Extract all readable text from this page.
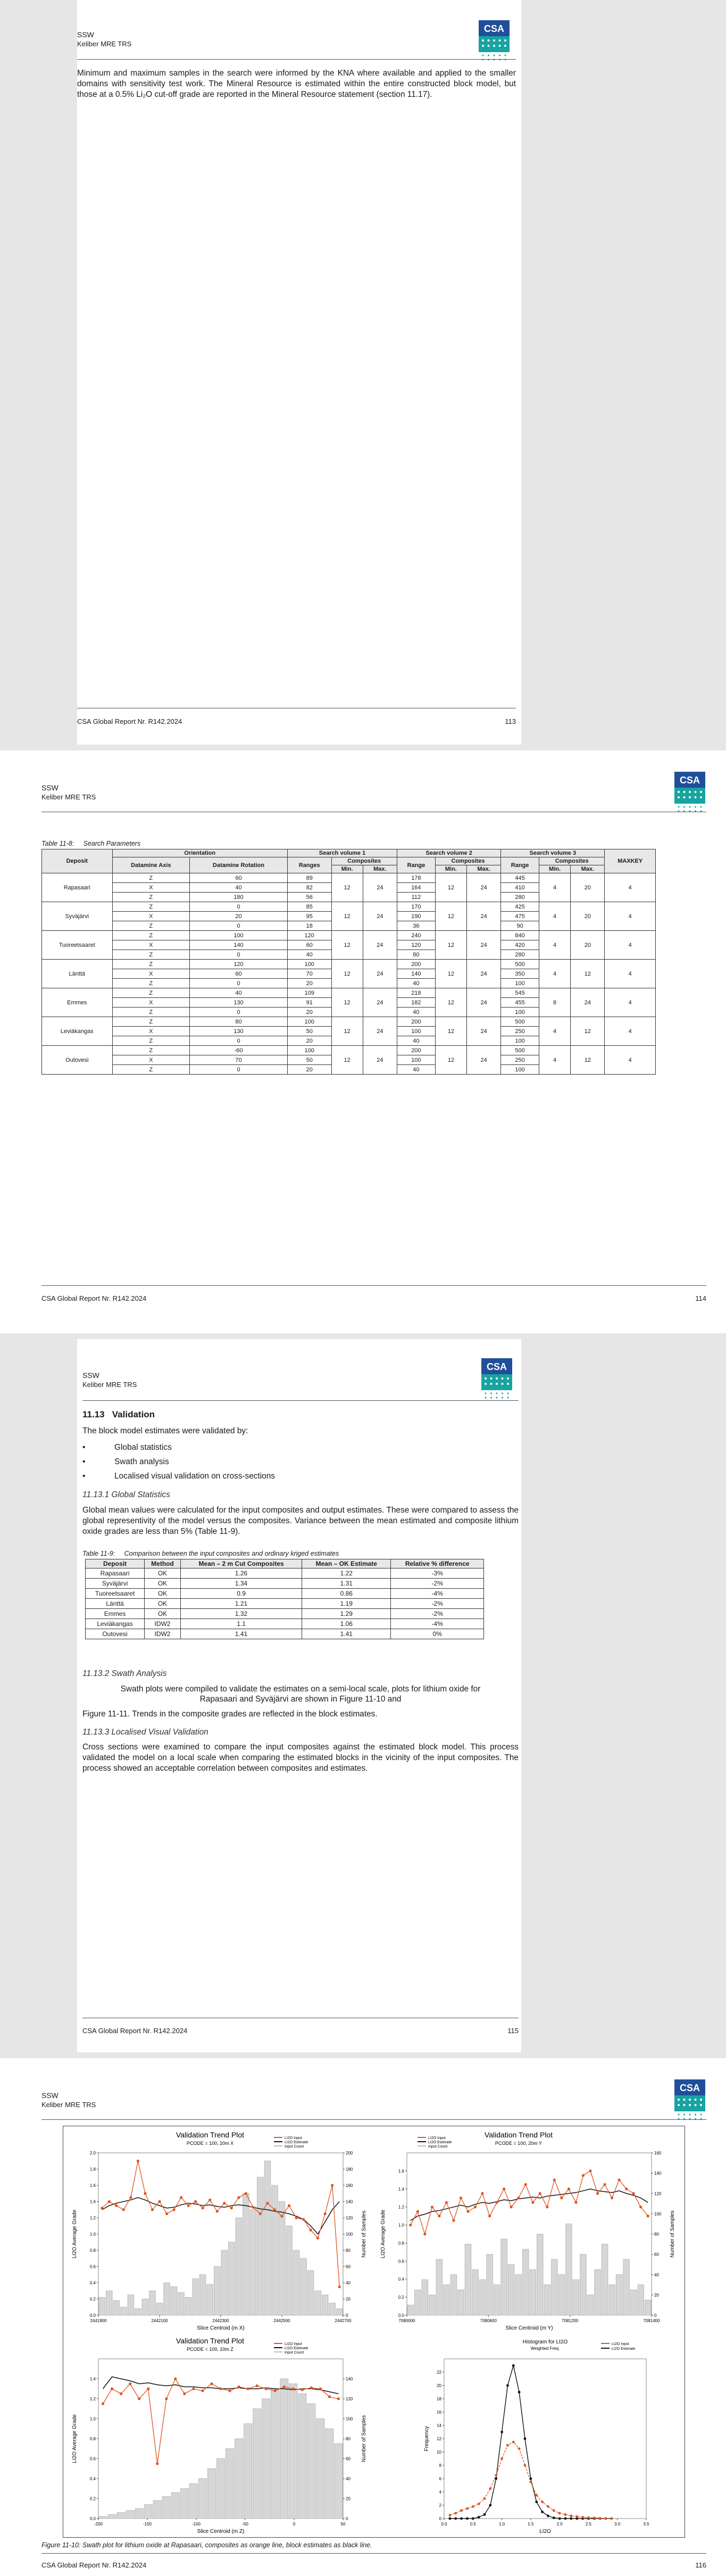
SSW
Keliber MRE TRS
CSA

Minimum and maximum samples in the search were informed by the KNA where available and applied to the smaller domains with sensitivity test work. The Mineral Resource is estimated within the entire constructed block model, but those at a 0.5% Li₂O cut-off grade are reported in the Mineral Resource statement (section 11.17).

CSA Global Report Nr. R142.2024	113
SSW
Keliber MRE TRS
CSA
Table 11-8:     Search Parameters
Deposit	Orientation		Search volume 1			Search volume 2			Search volume 3			MAXKEY
	Datamine Axis	Datamine Rotation	Ranges	Composites		Range	Composites		Range	Composites		
				Min.	Max.		Min.	Max.		Min.	Max.	
Rapasaari	Z	60	89	12	24	178	12	24	445	4	20	4
	X	40	82			164			410			
	Z	180	56			112			280			
Syväjärvi	Z	0	85	12	24	170	12	24	425	4	20	4
	X	20	95			190			475			
	Z	0	18			36			90			
Tuoreetsaaret	Z	100	120	12	24	240	12	24	840	4	20	4
	X	140	60			120			420			
	Z	0	40			80			280			
Länttä	Z	120	100	12	24	200	12	24	500	4	12	4
	X	60	70			140			350			
	Z	0	20			40			100			
Emmes	Z	40	109	12	24	218	12	24	545	8	24	4
	X	130	91			182			455			
	Z	0	20			40			100			
Leviäkangas	Z	80	100	12	24	200	12	24	500	4	12	4
	X	130	50			100			250			
	Z	0	20			40			100			
Outovesi	Z	-60	100	12	24	200	12	24	500	4	12	4
	X	70	50			100			250			
	Z	0	20			40			100			
CSA Global Report Nr. R142.2024	114
SSW
Keliber MRE TRS
CSA
11.13   Validation

The block model estimates were validated by:

• Global statistics
• Swath analysis
• Localised visual validation on cross-sections
11.13.1 Global Statistics

Global mean values were calculated for the input composites and output estimates. These were compared to assess the global representivity of the model versus the composites. Variance between the mean estimated and composite lithium oxide grades are less than 5% (Table 11-9).

Table 11-9:     Comparison between the input composites and ordinary kriged estimates
Deposit	Method	Mean – 2 m Cut Composites	Mean – OK Estimate	Relative % difference
Rapasaari	OK	1.26	1.22	-3%
Syväjärvi	OK	1.34	1.31	-2%
Tuoreetsaaret	OK	0.9	0.86	-4%
Länttä	OK	1.21	1.19	-2%
Emmes	OK	1.32	1.29	-2%
Leviäkangas	IDW2	1.1	1.06	-4%
Outovesi	IDW2	1.41	1.41	0%
11.13.2 Swath Analysis

Swath plots were compiled to validate the estimates on a semi-local scale, plots for lithium oxide for Rapasaari and Syväjärvi are shown in Figure 11-10 and

Figure 11-11. Trends in the composite grades are reflected in the block estimates.

11.13.3 Localised Visual Validation

Cross sections were examined to compare the input composites against the estimated block model. This process validated the model on a local scale when comparing the estimated blocks in the vicinity of the input composites. The process showed an acceptable correlation between composites and estimates.

CSA Global Report Nr. R142.2024	115
SSW
Keliber MRE TRS
CSA
Validation Trend Plot
PCODE = 100, 20m X
0.0
0.2
0.4
0.6
0.8
1.0
1.2
1.4
1.6
1.8
2.0
0
20
40
60
80
100
120
140
160
180
200
2441900	2442100	2442300	2442500	2442700
Slice Centroid (m X)
LI2O Average Grade	Number of Samples
LI2O Input
LI2O Estimate
Input Count
Validation Trend Plot
PCODE = 100, 20m Y
0.0
0.2
0.4
0.6
0.8
1.0
1.2
1.4
1.6
0
20
40
60
80
100
120
140
160
7080000	7080600	7081200	7081400
Slice Centroid (m Y)
LI2O Average Grade	Number of Samples
LI2O Input
LI2O Estimate
Input Count
Validation Trend Plot
PCODE = 100, 10m Z
0.0
0.2
0.4
0.6
0.8
1.0
1.2
1.4
0
20
40
60
80
100
120
140
-200	-150	-100	-50	0	50
Slice Centroid (m Z)
LI2O Average Grade	Number of Samples
LI2O Input
LI2O Estimate
Input Count
Histogram for LI2O
Weighted Freq.
0
2
4
6
8
10
12
14
16
18
20
22
0.0	0.5	1.0	1.5	2.0	2.5	3.0	3.5
LI2O
Frequency
LI2O Input
LI2O Estimate
Figure 11-10: Swath plot for lithium oxide at Rapasaari, composites as orange line, block estimates as black line.
CSA Global Report Nr. R142.2024	116
